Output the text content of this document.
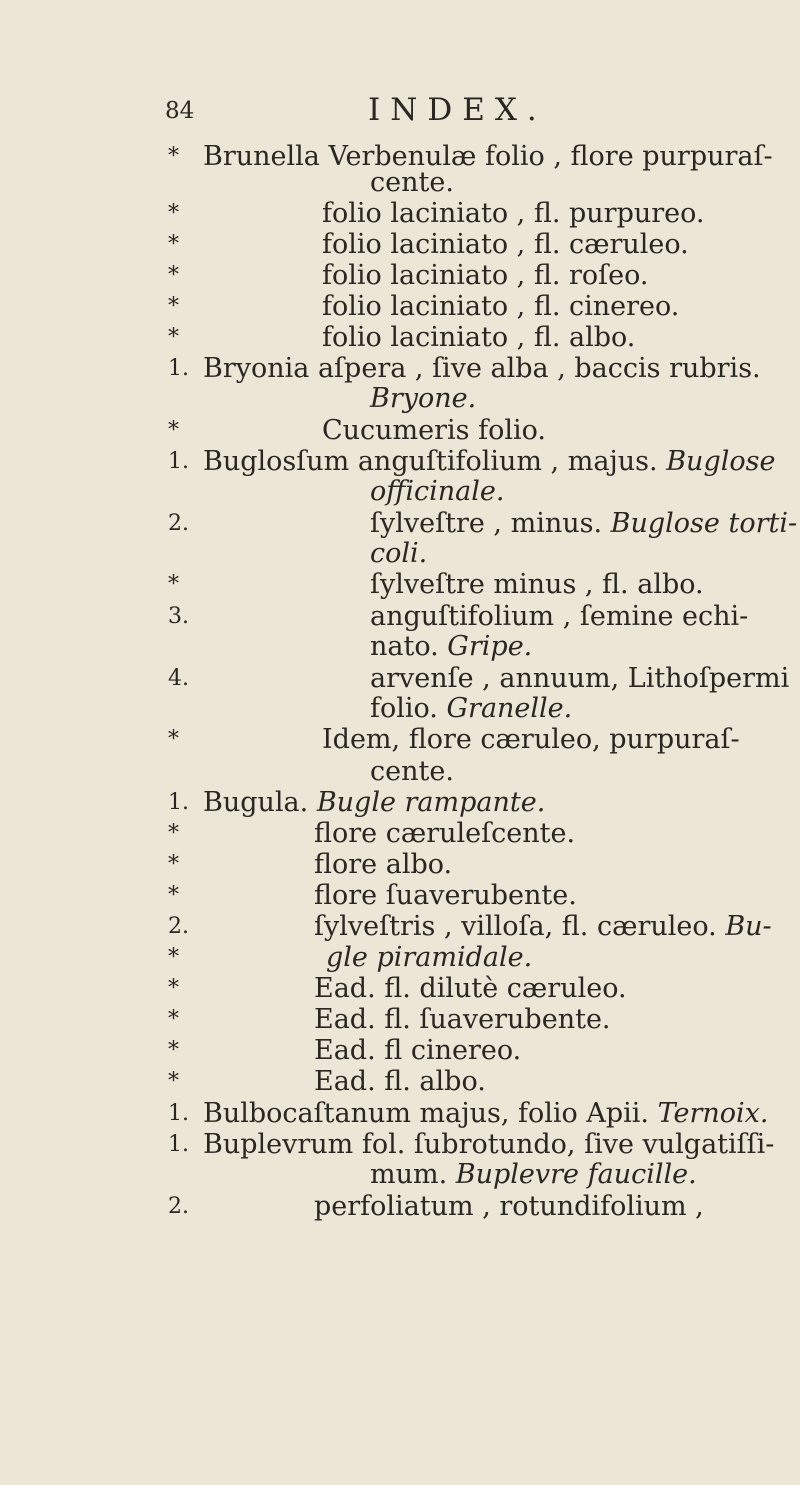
84	INDEX.
* Brunella Verbenulæ folio , flore purpuraſ-
cente.
*	folio laciniato , fl. purpureo.
*	folio laciniato , fl. cæruleo.
*	folio laciniato , fl. roſeo.
*	folio laciniato , fl. cinereo.
*	folio laciniato , fl. albo.
1. Bryonia aſpera , ſive alba , baccis rubris.
Bryone.
*	Cucumeris folio.
1. Buglosſum anguſtifolium , majus. Buglose
officinale.
2.	ſylveſtre , minus. Buglose torti-
coli.
*	ſylveſtre minus , fl. albo.
3.	anguſtifolium , ſemine echi-
nato. Gripe.
4.	arvenſe , annuum, Lithoſpermi
folio. Granelle.
*	Idem, flore cæruleo, purpuraſ-
cente.
1. Bugula. Bugle rampante.
*	flore cæruleſcente.
*	flore albo.
*	flore ſuaverubente.
2.	ſylveſtris , villoſa, fl. cæruleo. Bu-
*	gle piramidale.
*	Ead. fl. dilutè cæruleo.
*	Ead. fl. ſuaverubente.
*	Ead. fl cinereo.
*	Ead. fl. albo.
1. Bulbocaſtanum majus, folio Apii. Ternoix.
1. Buplevrum fol. ſubrotundo, ſive vulgatiſſi-
mum. Buplevre faucille.
2.	perfoliatum , rotundifolium ,
